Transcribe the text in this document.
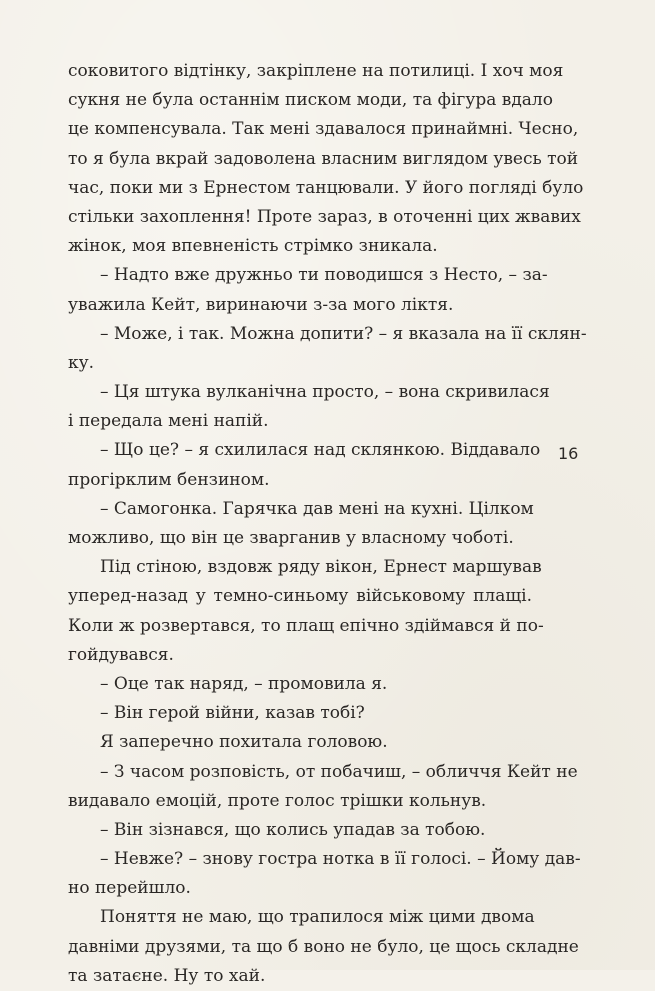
соковитого відтінку, закріплене на потилиці. І хоч моя
сукня не була останнім писком моди, та фігура вдало
це компенсувала. Так мені здавалося принаймні. Чесно,
то я була вкрай задоволена власним виглядом увесь той
час, поки ми з Ернестом танцювали. У його погляді було
стільки захоплення! Проте зараз, в оточенні цих жвавих
жінок, моя впевненість стрімко зникала.
– Надто вже дружньо ти поводишся з Несто, – за-
уважила Кейт, виринаючи з-за мого ліктя.
– Може, і так. Можна допити? – я вказала на її склян-
ку.
– Ця штука вулканічна просто, – вона скривилася
і передала мені напій.
– Що це? – я схилилася над склянкою. Віддавало
прогірклим бензином.
– Самогонка. Гарячка дав мені на кухні. Цілком
можливо, що він це зварганив у власному чоботі.
Під стіною, вздовж ряду вікон, Ернест маршував
уперед-назад у темно-синьому військовому плащі.
Коли ж розвертався, то плащ епічно здіймався й по-
гойдувався.
– Оце так наряд, – промовила я.
– Він герой війни, казав тобі?
Я заперечно похитала головою.
– З часом розповість, от побачиш, – обличчя Кейт не
видавало емоцій, проте голос трішки кольнув.
– Він зізнався, що колись упадав за тобою.
– Невже? – знову гостра нотка в її голосі. – Йому дав-
но перейшло.
Поняття не маю, що трапилося між цими двома
давніми друзями, та що б воно не було, це щось складне
та затаєне. Ну то хай.
16
